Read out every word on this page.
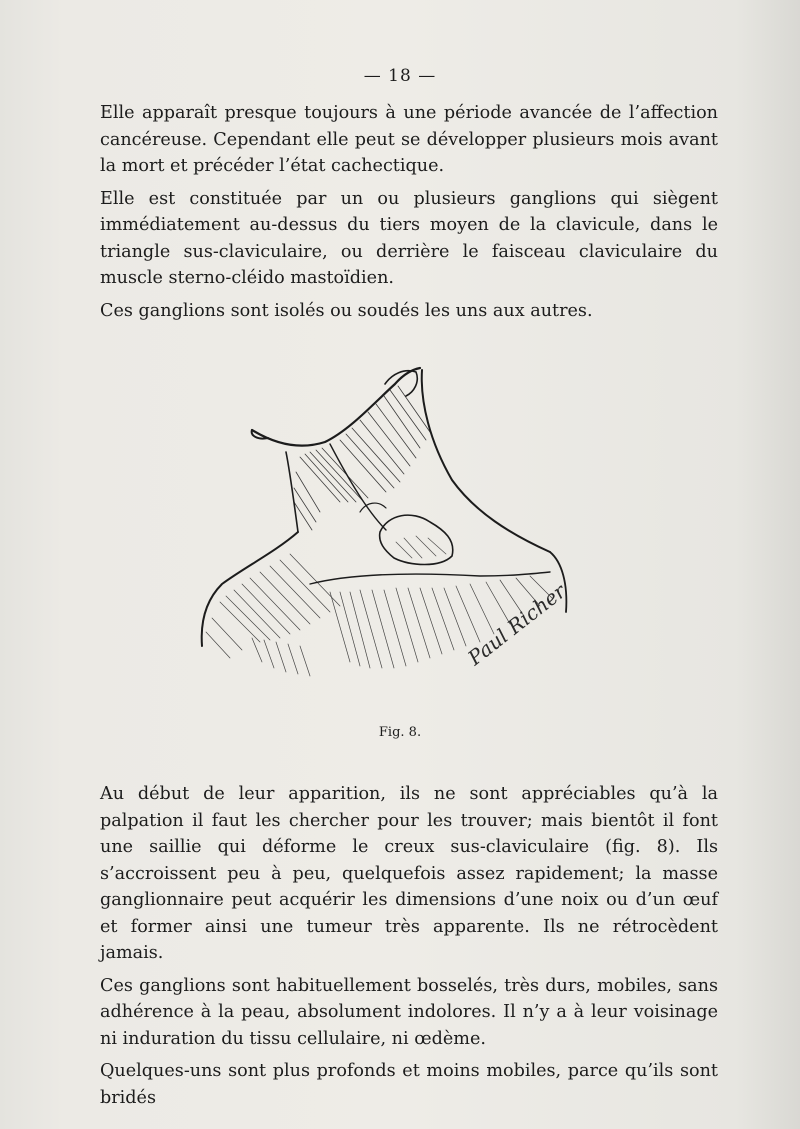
— 18 —

Elle apparaît presque toujours à une période avancée de l’affection cancéreuse. Cependant elle peut se développer plusieurs mois avant la mort et précéder l’état cachectique.

Elle est constituée par un ou plusieurs ganglions qui siègent immédiatement au-dessus du tiers moyen de la clavicule, dans le triangle sus-claviculaire, ou derrière le faisceau claviculaire du muscle sterno-cléido mastoïdien.

Ces ganglions sont isolés ou soudés les uns aux autres.

Paul Richer
Fig. 8.

Au début de leur apparition, ils ne sont appréciables qu’à la palpation il faut les chercher pour les trouver; mais bientôt il font une saillie qui déforme le creux sus-claviculaire (fig. 8). Ils s’accroissent peu à peu, quelquefois assez rapidement; la masse ganglionnaire peut acquérir les dimensions d’une noix ou d’un œuf et former ainsi une tumeur très apparente. Ils ne rétrocèdent jamais.

Ces ganglions sont habituellement bosselés, très durs, mobiles, sans adhérence à la peau, absolument indolores. Il n’y a à leur voisinage ni induration du tissu cellulaire, ni œdème.

Quelques-uns sont plus profonds et moins mobiles, parce qu’ils sont bridés
